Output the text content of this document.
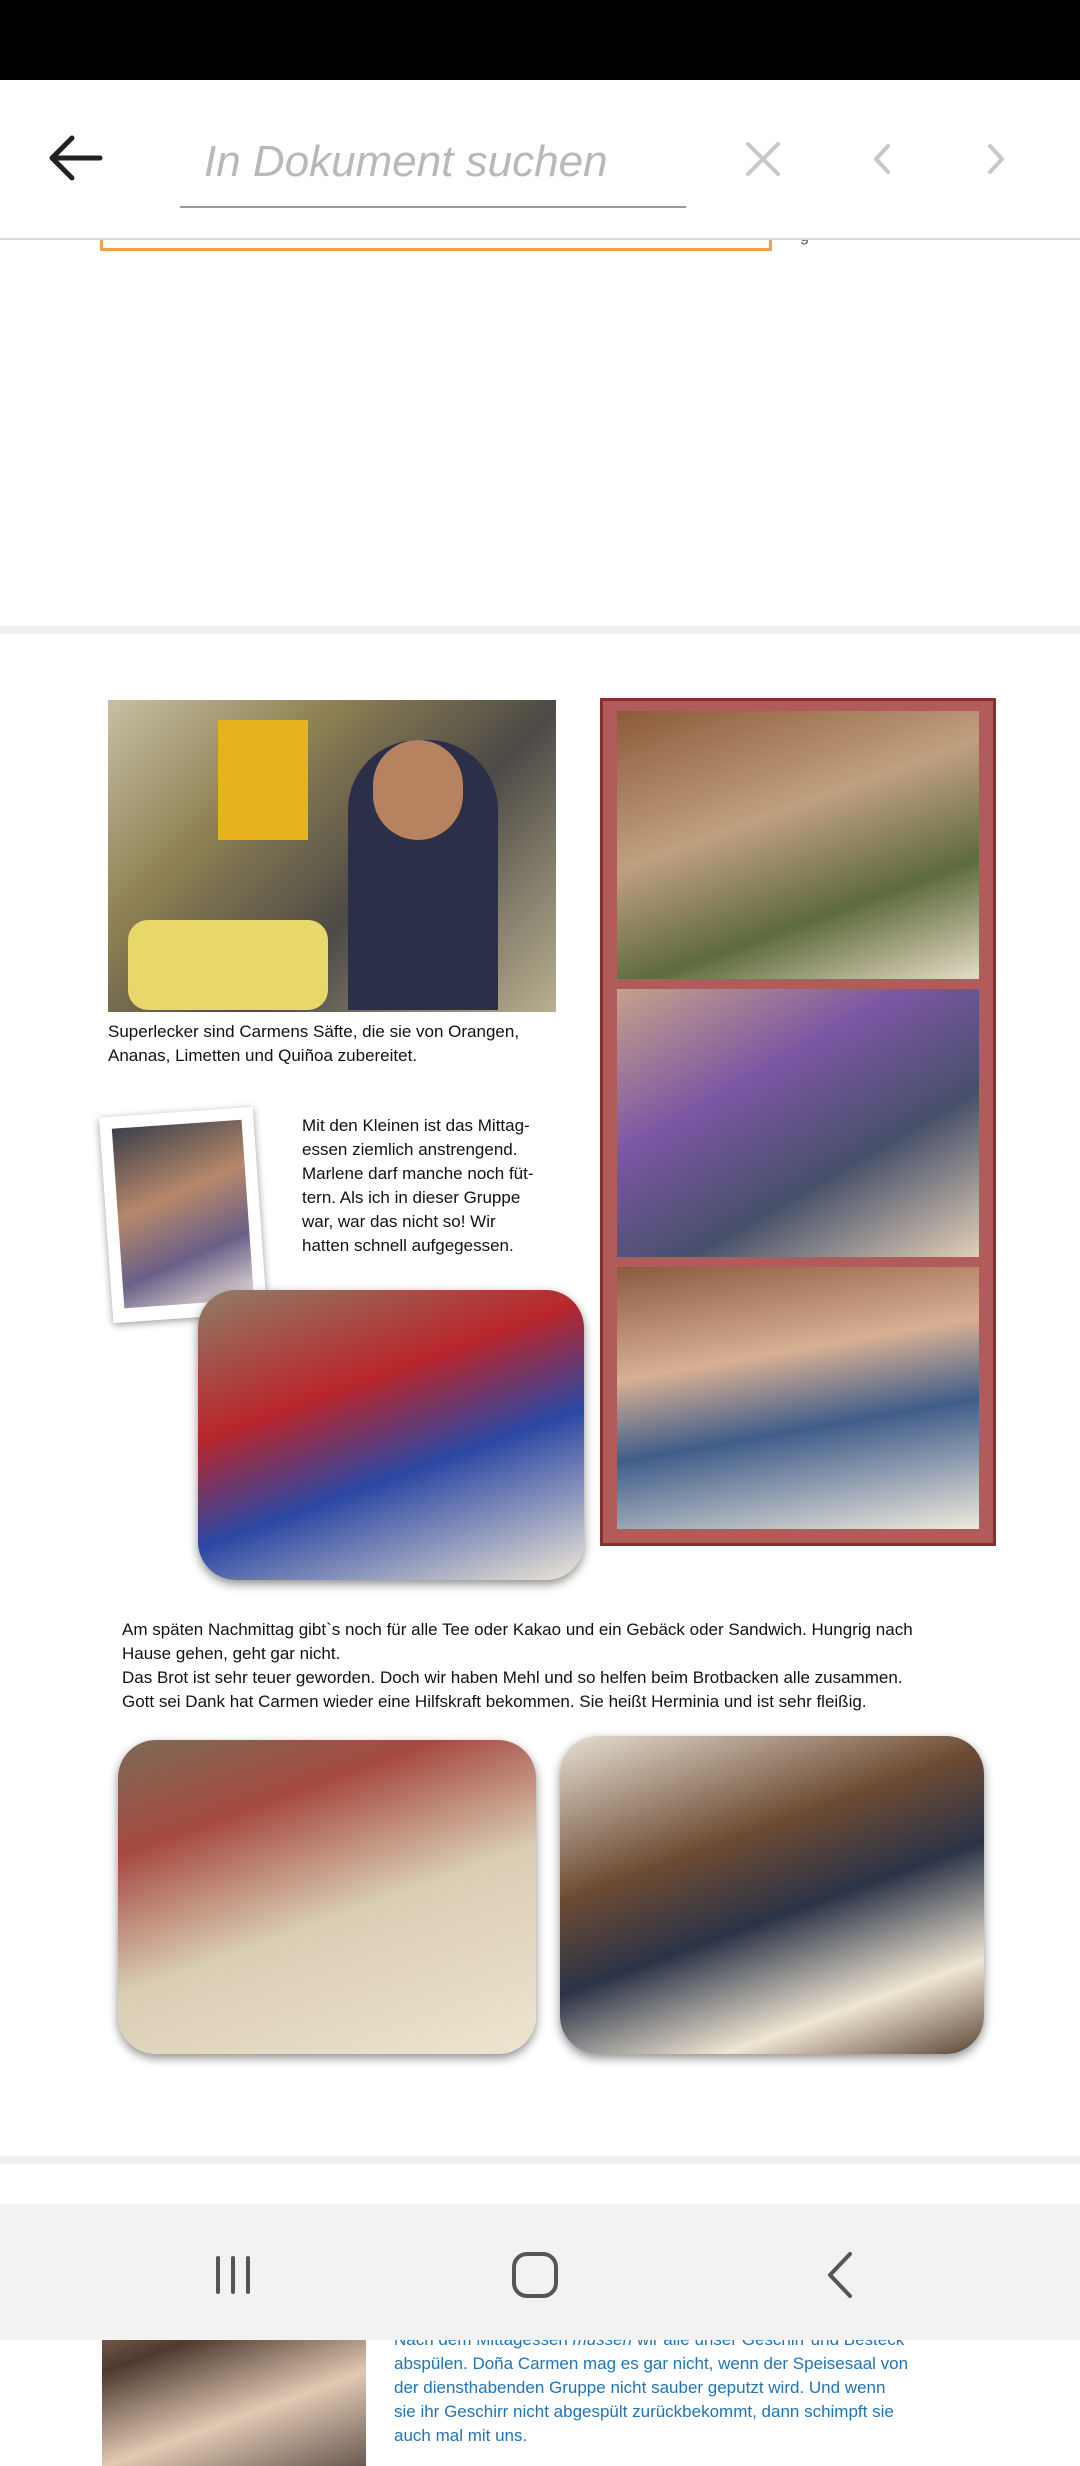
In Dokument suchen
Superlecker sind Carmens Säfte, die sie von Orangen,
Ananas, Limetten und Quiñoa zubereitet.
Mit den Kleinen ist das Mittag-
essen ziemlich anstrengend.
Marlene darf manche noch füt-
tern. Als ich in dieser Gruppe
war, war das nicht so! Wir
hatten schnell aufgegessen.
Am späten Nachmittag gibt`s noch für alle Tee oder Kakao und ein Gebäck oder Sandwich. Hungrig nach
Hause gehen, geht gar nicht.
Das Brot ist sehr teuer geworden. Doch wir haben Mehl und so helfen beim Brotbacken alle zusammen.
Gott sei Dank hat Carmen wieder eine Hilfskraft bekommen. Sie heißt Herminia und ist sehr fleißig.
abspülen. Doña Carmen mag es gar nicht, wenn der Speisesaal von
der diensthabenden Gruppe nicht sauber geputzt wird. Und wenn
sie ihr Geschirr nicht abgespült zurückbekommt, dann schimpft sie
auch mal mit uns.
